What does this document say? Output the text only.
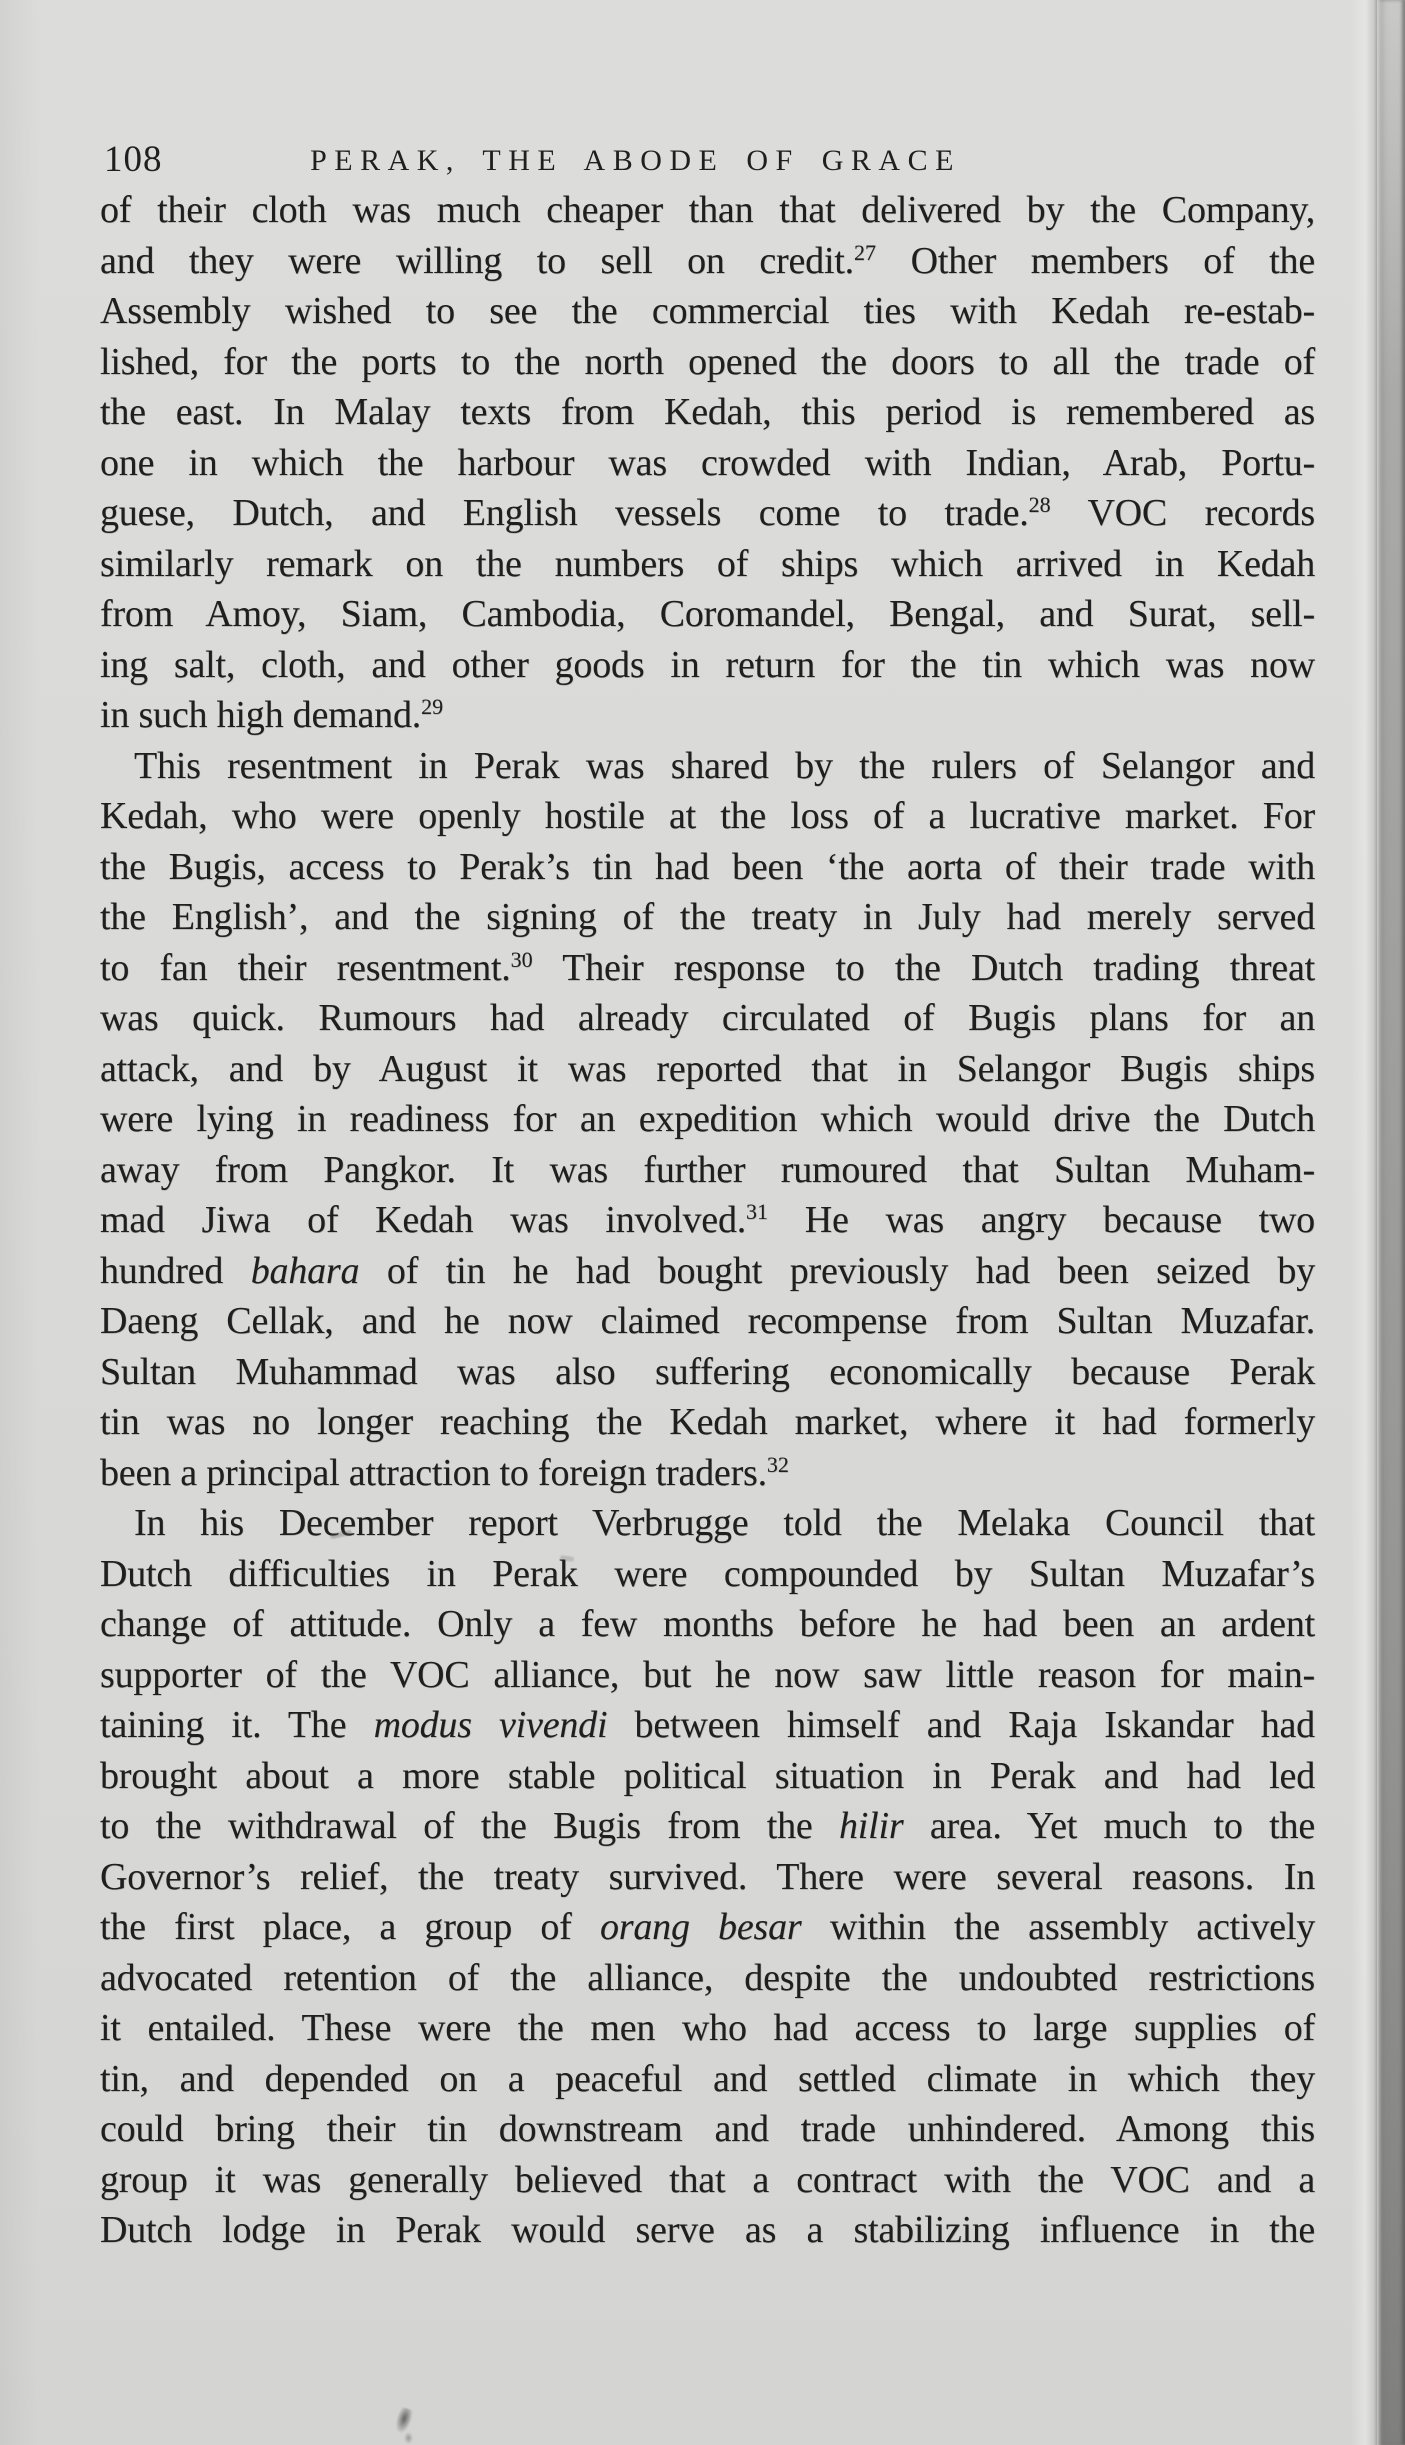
108	PERAK, THE ABODE OF GRACE
of their cloth was much cheaper than that delivered by the Company,
and they were willing to sell on credit.$^{27}$ Other members of the
Assembly wished to see the commercial ties with Kedah re-estab-
lished, for the ports to the north opened the doors to all the trade of
the east. In Malay texts from Kedah, this period is remembered as
one in which the harbour was crowded with Indian, Arab, Portu-
guese, Dutch, and English vessels come to trade.$^{28}$ VOC records
similarly remark on the numbers of ships which arrived in Kedah
from Amoy, Siam, Cambodia, Coromandel, Bengal, and Surat, sell-
ing salt, cloth, and other goods in return for the tin which was now
in such high demand.$^{29}$
This resentment in Perak was shared by the rulers of Selangor and
Kedah, who were openly hostile at the loss of a lucrative market. For
the Bugis, access to Perak’s tin had been ‘the aorta of their trade with
the English’, and the signing of the treaty in July had merely served
to fan their resentment.$^{30}$ Their response to the Dutch trading threat
was quick. Rumours had already circulated of Bugis plans for an
attack, and by August it was reported that in Selangor Bugis ships
were lying in readiness for an expedition which would drive the Dutch
away from Pangkor. It was further rumoured that Sultan Muham-
mad Jiwa of Kedah was involved.$^{31}$ He was angry because two
hundred bahara of tin he had bought previously had been seized by
Daeng Cellak, and he now claimed recompense from Sultan Muzafar.
Sultan Muhammad was also suffering economically because Perak
tin was no longer reaching the Kedah market, where it had formerly
been a principal attraction to foreign traders.$^{32}$
In his December report Verbrugge told the Melaka Council that
Dutch difficulties in Perak were compounded by Sultan Muzafar’s
change of attitude. Only a few months before he had been an ardent
supporter of the VOC alliance, but he now saw little reason for main-
taining it. The modus vivendi between himself and Raja Iskandar had
brought about a more stable political situation in Perak and had led
to the withdrawal of the Bugis from the hilir area. Yet much to the
Governor’s relief, the treaty survived. There were several reasons. In
the first place, a group of orang besar within the assembly actively
advocated retention of the alliance, despite the undoubted restrictions
it entailed. These were the men who had access to large supplies of
tin, and depended on a peaceful and settled climate in which they
could bring their tin downstream and trade unhindered. Among this
group it was generally believed that a contract with the VOC and a
Dutch lodge in Perak would serve as a stabilizing influence in the
